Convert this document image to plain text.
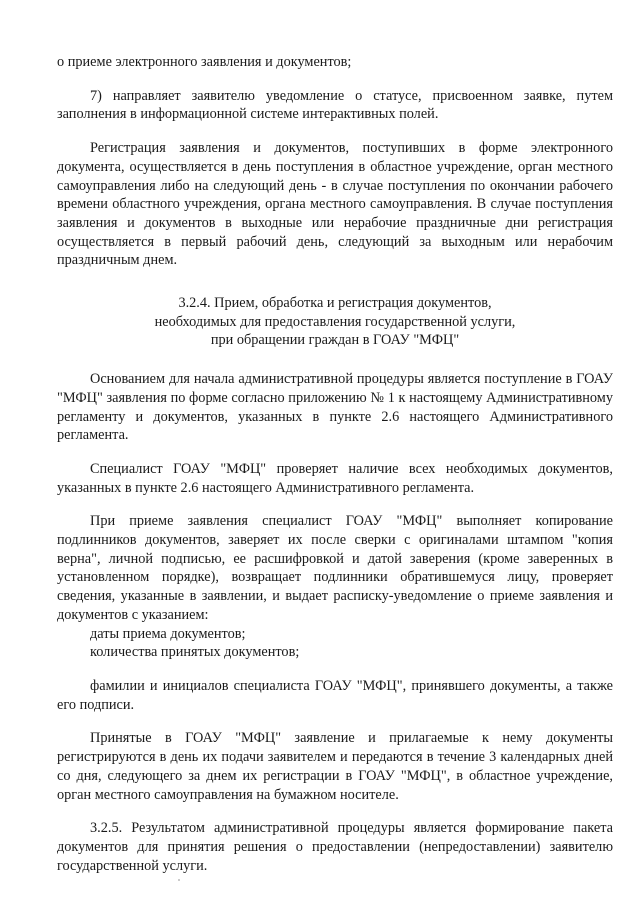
о приеме электронного заявления и документов;

7) направляет заявителю уведомление о статусе, присвоенном заявке, путем заполнения в информационной системе интерактивных полей.

Регистрация заявления и документов, поступивших в форме электронного документа, осуществляется в день поступления в областное учреждение, орган местного самоуправления либо на следующий день - в случае поступления по окончании рабочего времени областного учреждения, органа местного самоуправления. В случае поступления заявления и документов в выходные или нерабочие праздничные дни регистрация осуществляется в первый рабочий день, следующий за выходным или нерабочим праздничным днем.

3.2.4. Прием, обработка и регистрация документов,
необходимых для предоставления государственной услуги,
при обращении граждан в ГОАУ "МФЦ"

Основанием для начала административной процедуры является поступление в ГОАУ "МФЦ" заявления по форме согласно приложению № 1 к настоящему Административному регламенту и документов, указанных в пункте 2.6 настоящего Административного регламента.

Специалист ГОАУ "МФЦ" проверяет наличие всех необходимых документов, указанных в пункте 2.6 настоящего Административного регламента.

При приеме заявления специалист ГОАУ "МФЦ" выполняет копирование подлинников документов, заверяет их после сверки с оригиналами штампом "копия верна", личной подписью, ее расшифровкой и датой заверения (кроме заверенных в установленном порядке), возвращает подлинники обратившемуся лицу, проверяет сведения, указанные в заявлении, и выдает расписку-уведомление о приеме заявления и документов с указанием:

даты приема документов;

количества принятых документов;

фамилии и инициалов специалиста ГОАУ "МФЦ", принявшего документы, а также его подписи.

Принятые в ГОАУ "МФЦ" заявление и прилагаемые к нему документы регистрируются в день их подачи заявителем и передаются в течение 3 календарных дней со дня, следующего за днем их регистрации в ГОАУ "МФЦ", в областное учреждение, орган местного самоуправления на бумажном носителе.

3.2.5. Результатом административной процедуры является формирование пакета документов для принятия решения о предоставлении (непредоставлении) заявителю государственной услуги.
